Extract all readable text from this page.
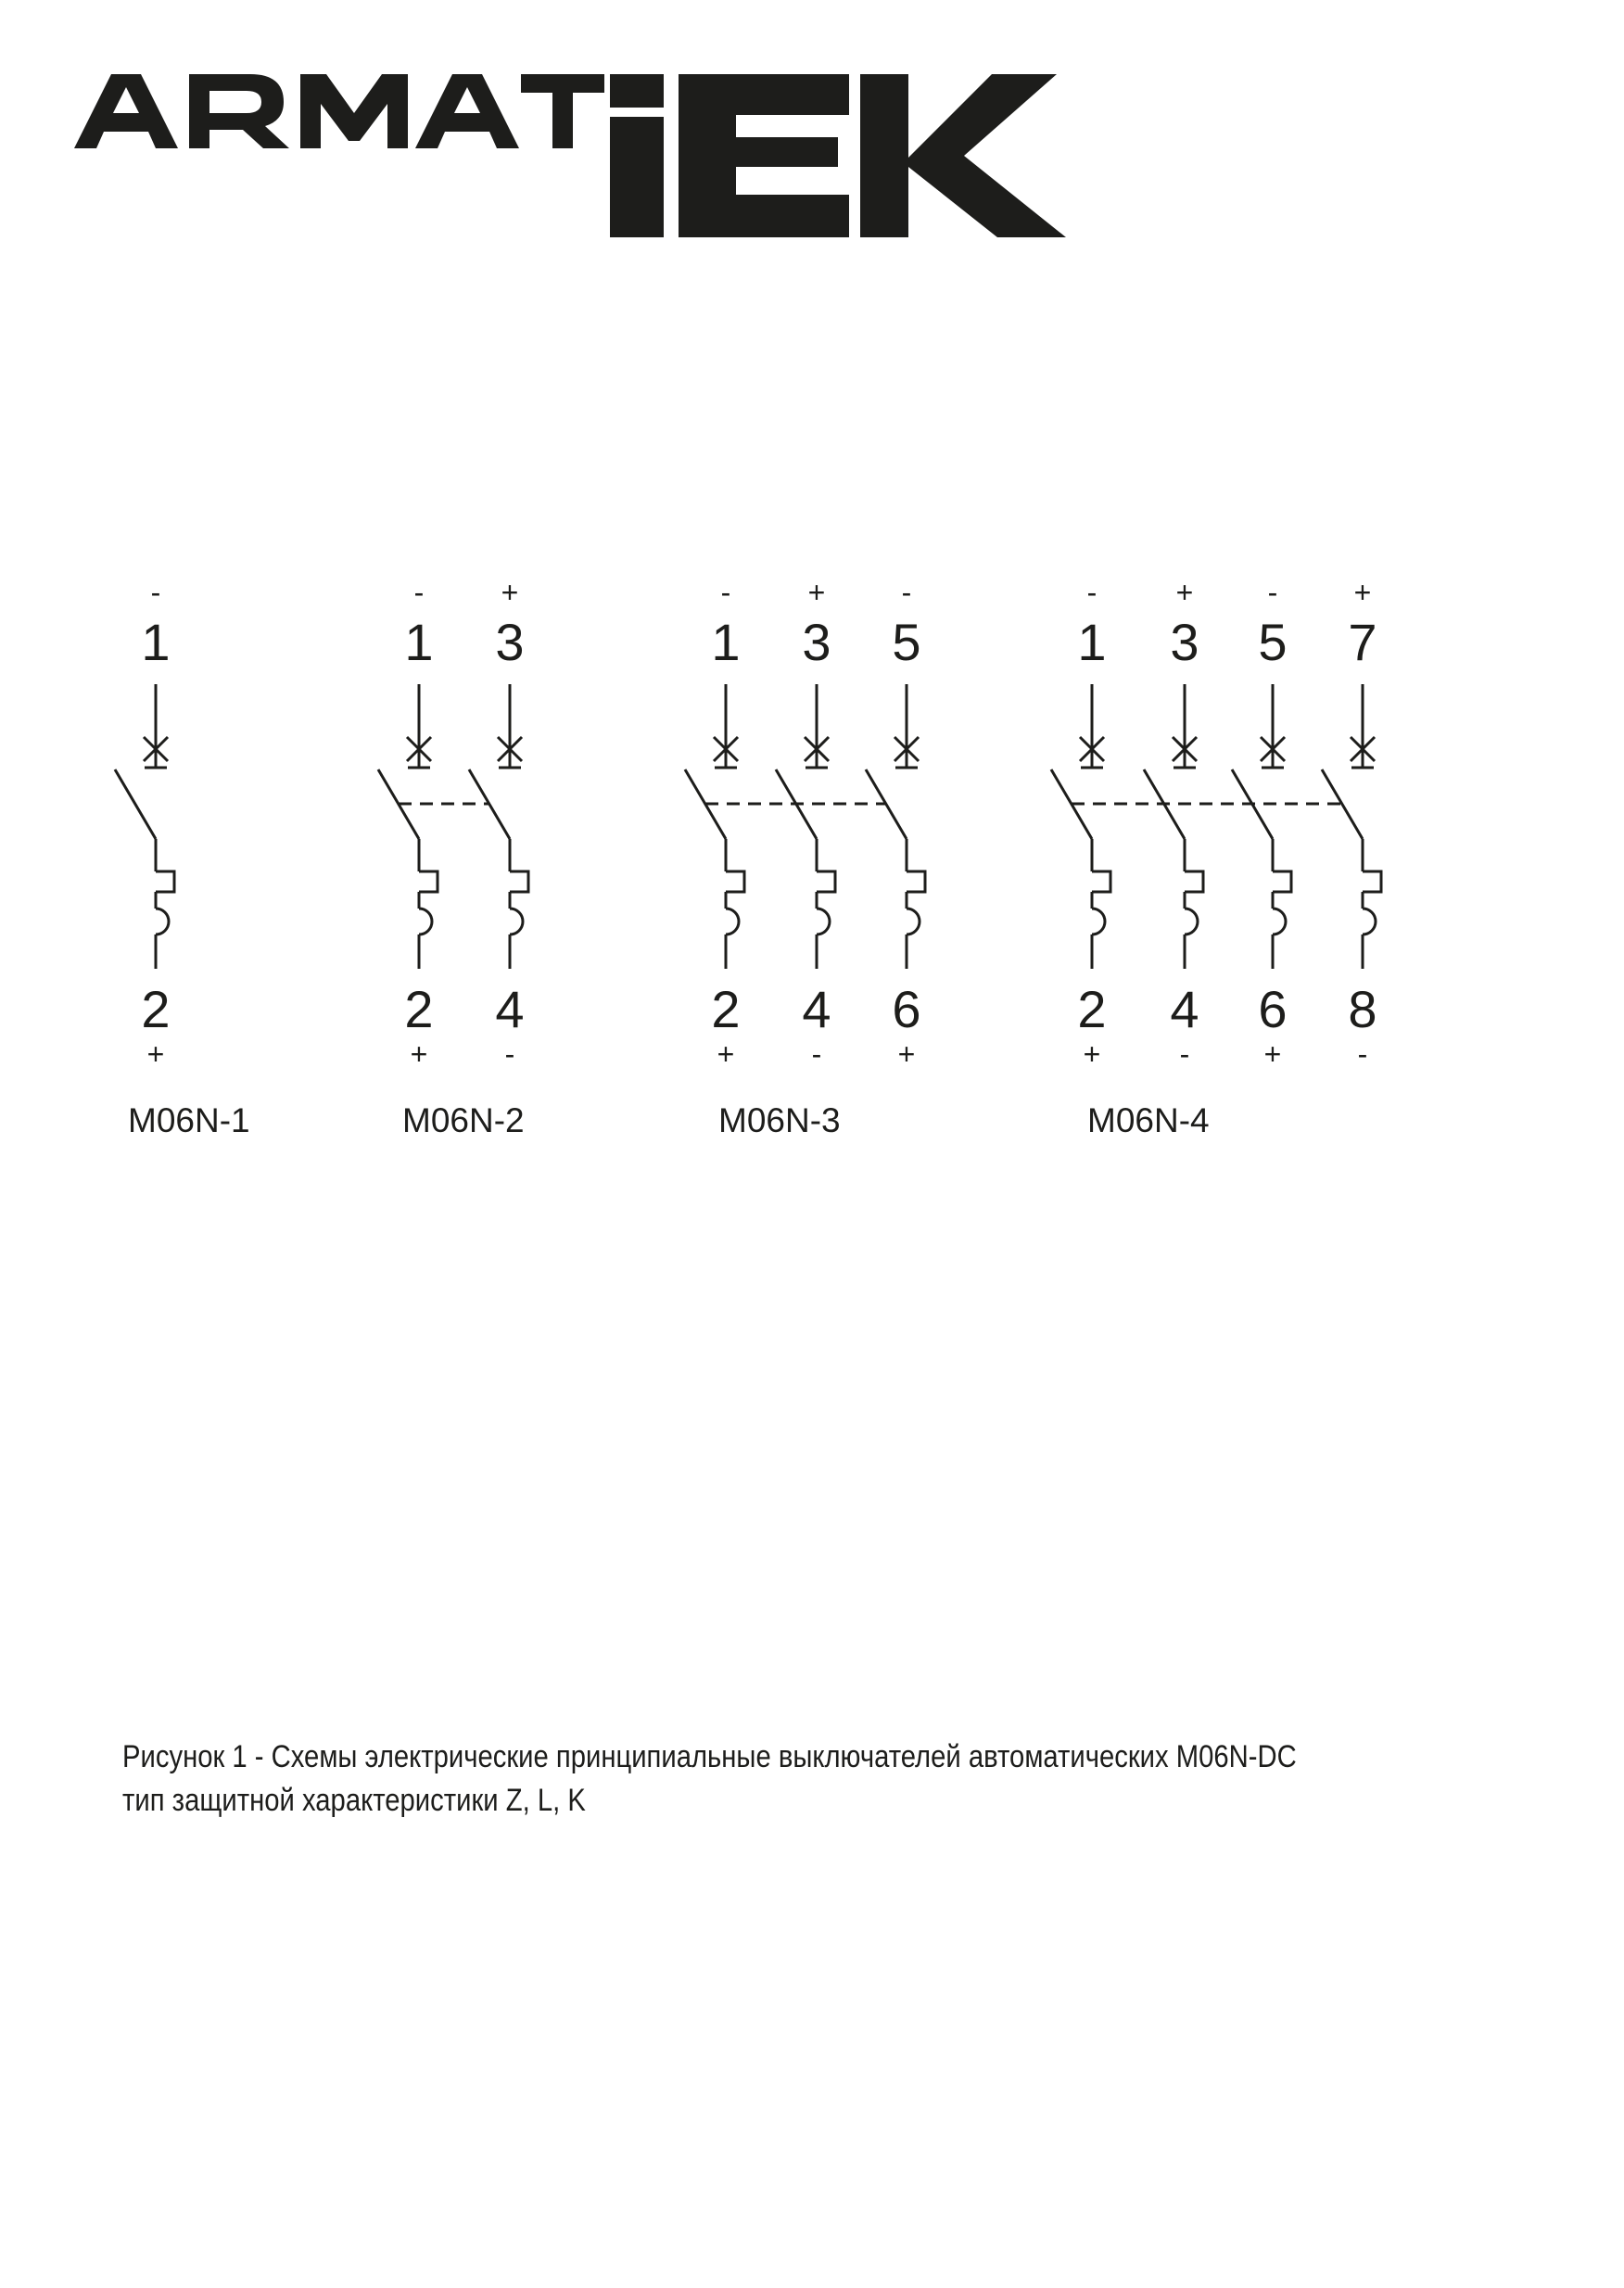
-
1
2
+
-
1
2
+
+
3
4
-
-
1
2
+
+
3
4
-
-
5
6
+
-
1
2
+
+
3
4
-
-
5
6
+
+
7
8
-
M06N-1	M06N-2	M06N-3	M06N-4
Рисунок 1 - Схемы электрические принципиальные выключателей автоматических М06N-DC
тип защитной характеристики Z, L, K
